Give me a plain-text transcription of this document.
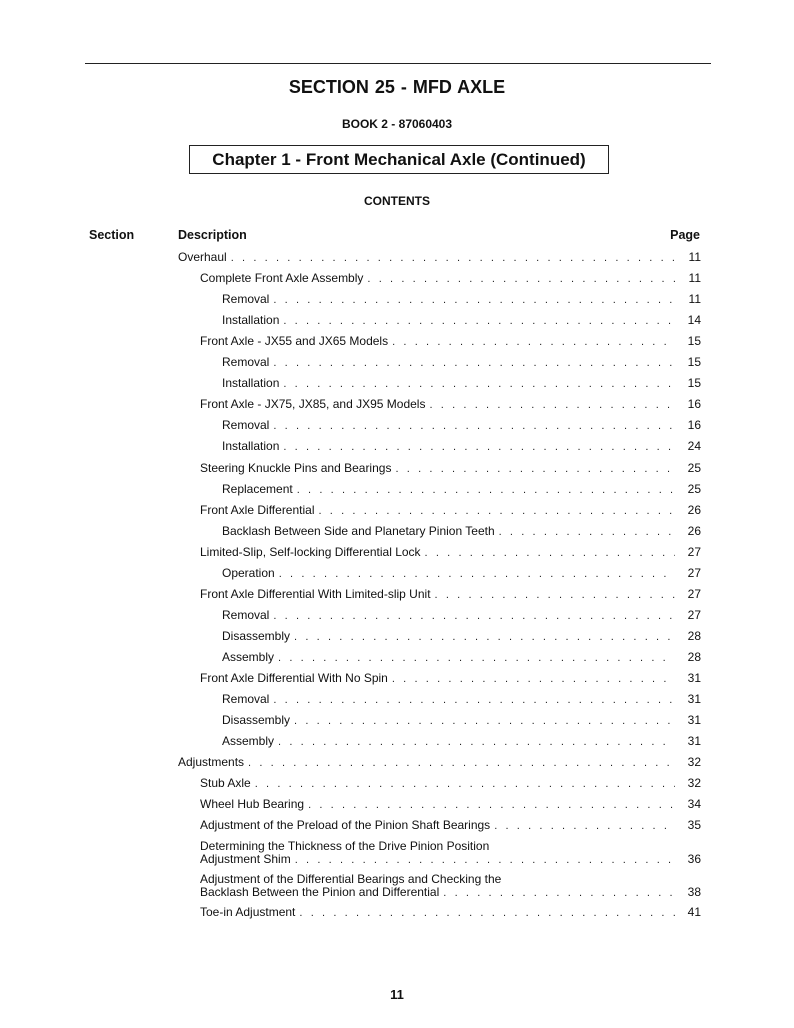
SECTION 25 - MFD AXLE
BOOK 2 - 87060403
Chapter 1 - Front Mechanical Axle (Continued)
CONTENTS
Section	Description	Page
Overhaul . . .	11
Complete Front Axle Assembly . . .	11
Removal . . .	11
Installation . . .	14
Front Axle - JX55 and JX65 Models . . .	15
Removal . . .	15
Installation . . .	15
Front Axle - JX75, JX85, and JX95 Models . . .	16
Removal . . .	16
Installation . . .	24
Steering Knuckle Pins and Bearings . . .	25
Replacement . . .	25
Front Axle Differential . . .	26
Backlash Between Side and Planetary Pinion Teeth . . .	26
Limited-Slip, Self-locking Differential Lock . . .	27
Operation . . .	27
Front Axle Differential With Limited-slip Unit . . .	27
Removal . . .	27
Disassembly . . .	28
Assembly . . .	28
Front Axle Differential With No Spin . . .	31
Removal . . .	31
Disassembly . . .	31
Assembly . . .	31
Adjustments . . .	32
Stub Axle . . .	32
Wheel Hub Bearing . . .	34
Adjustment of the Preload of the Pinion Shaft Bearings . . .	35
Determining the Thickness of the Drive Pinion Position
Adjustment Shim . . .	36
Adjustment of the Differential Bearings and Checking the
Backlash Between the Pinion and Differential . . .	38
Toe-in Adjustment . . .	41
11
